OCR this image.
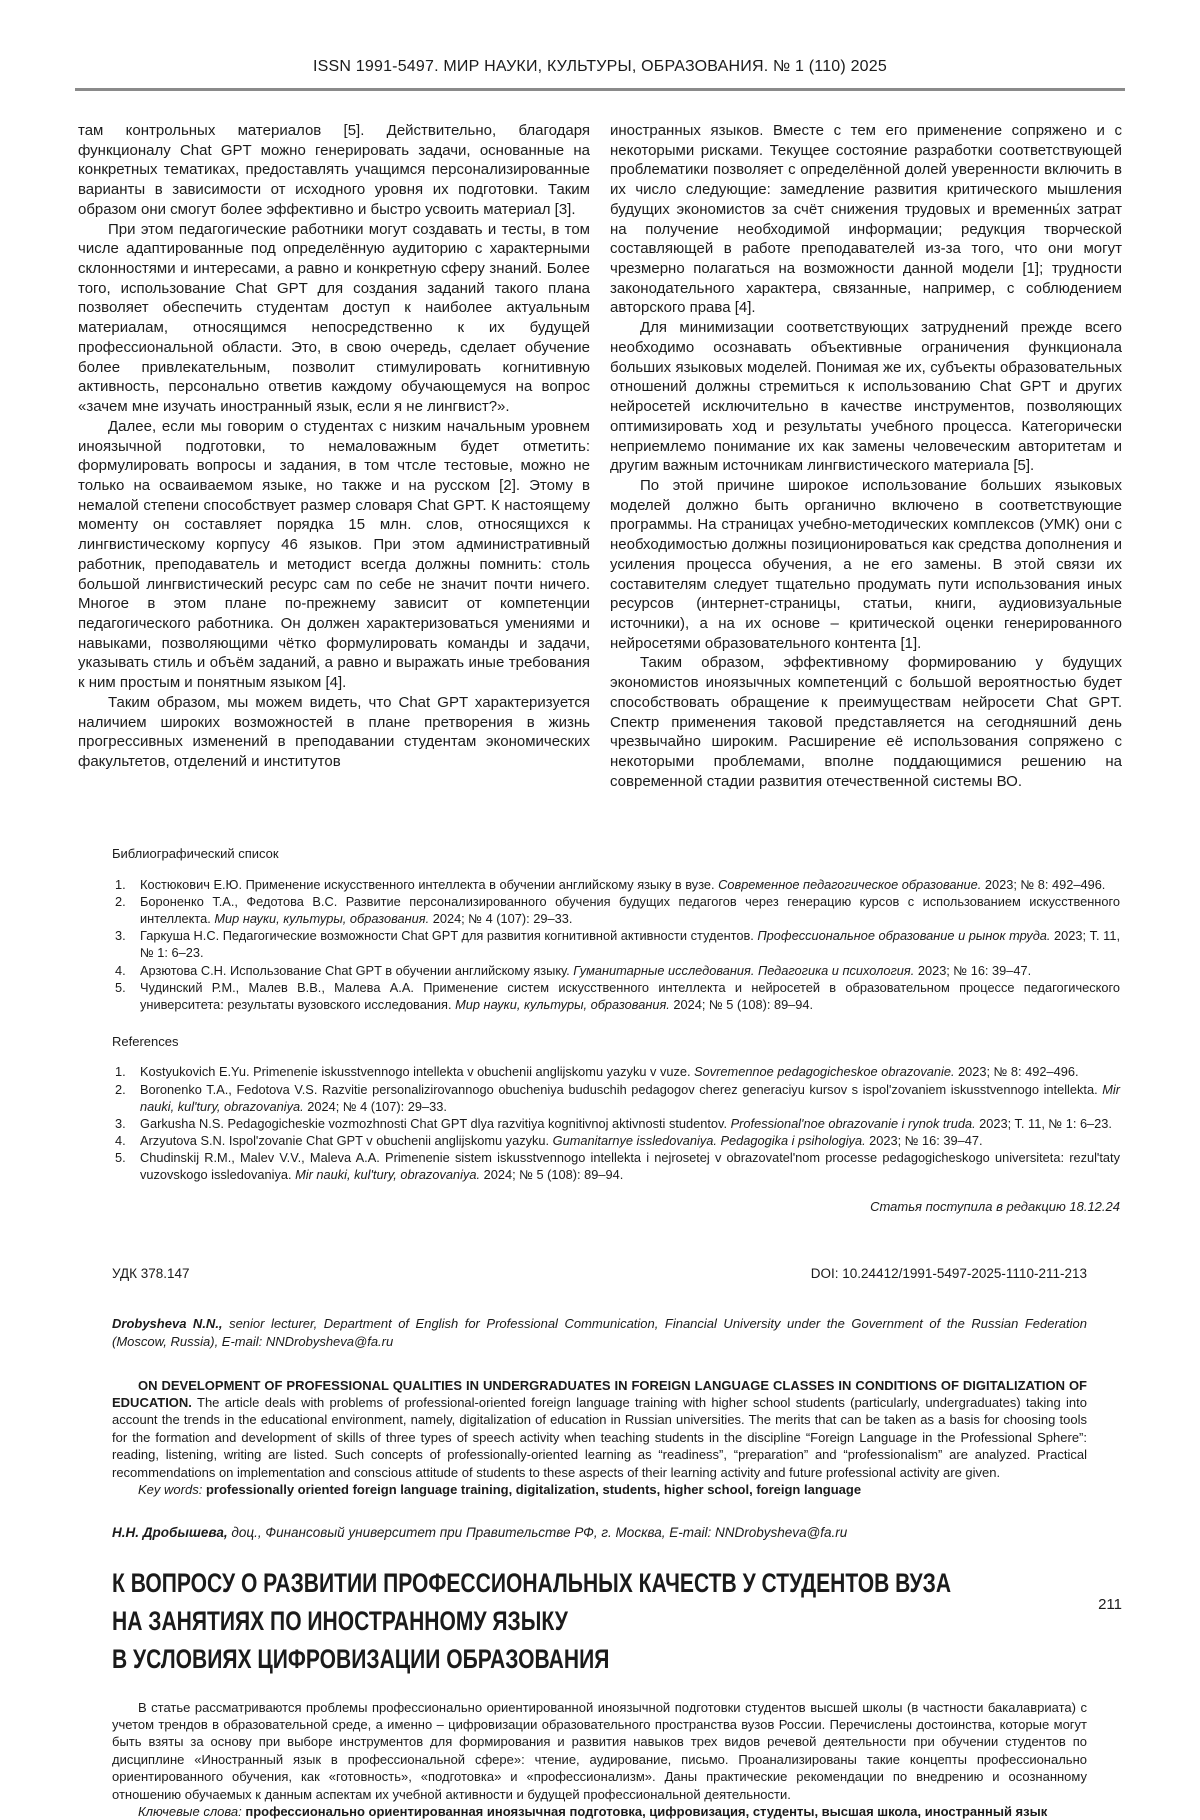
ISSN 1991-5497. МИР НАУКИ, КУЛЬТУРЫ, ОБРАЗОВАНИЯ. № 1 (110) 2025

там контрольных материалов [5]. Действительно, благодаря функционалу Chat GPT можно генерировать задачи, основанные на конкретных тематиках, предоставлять учащимся персонализированные варианты в зависимости от исходного уровня их подготовки. Таким образом они смогут более эффективно и быстро усвоить материал [3].

При этом педагогические работники могут создавать и тесты, в том числе адаптированные под определённую аудиторию с характерными склонностями и интересами, а равно и конкретную сферу знаний. Более того, использование Chat GPT для создания заданий такого плана позволяет обеспечить студентам доступ к наиболее актуальным материалам, относящимся непосредственно к их будущей профессиональной области. Это, в свою очередь, сделает обучение более привлекательным, позволит стимулировать когнитивную активность, персонально ответив каждому обучающемуся на вопрос «зачем мне изучать иностранный язык, если я не лингвист?».

Далее, если мы говорим о студентах с низким начальным уровнем иноязычной подготовки, то немаловажным будет отметить: формулировать вопросы и задания, в том чтсле тестовые, можно не только на осваиваемом языке, но также и на русском [2]. Этому в немалой степени способствует размер словаря Chat GPT. К настоящему моменту он составляет порядка 15 млн. слов, относящихся к лингвистическому корпусу 46 языков. При этом административный работник, преподаватель и методист всегда должны помнить: столь большой лингвистический ресурс сам по себе не значит почти ничего. Многое в этом плане по-прежнему зависит от компетенции педагогического работника. Он должен характеризоваться умениями и навыками, позволяющими чётко формулировать команды и задачи, указывать стиль и объём заданий, а равно и выражать иные требования к ним простым и понятным языком [4].

Таким образом, мы можем видеть, что Chat GPT характеризуется наличием широких возможностей в плане претворения в жизнь прогрессивных изменений в преподавании студентам экономических факультетов, отделений и институтов

иностранных языков. Вместе с тем его применение сопряжено и с некоторыми рисками. Текущее состояние разработки соответствующей проблематики позволяет с определённой долей уверенности включить в их число следующие: замедление развития критического мышления будущих экономистов за счёт снижения трудовых и временны́х затрат на получение необходимой информации; редукция творческой составляющей в работе преподавателей из-за того, что они могут чрезмерно полагаться на возможности данной модели [1]; трудности законодательного характера, связанные, например, с соблюдением авторского права [4].

Для минимизации соответствующих затруднений прежде всего необходимо осознавать объективные ограничения функционала больших языковых моделей. Понимая же их, субъекты образовательных отношений должны стремиться к использованию Chat GPT и других нейросетей исключительно в качестве инструментов, позволяющих оптимизировать ход и результаты учебного процесса. Категорически неприемлемо понимание их как замены человеческим авторитетам и другим важным источникам лингвистического материала [5].

По этой причине широкое использование больших языковых моделей должно быть органично включено в соответствующие программы. На страницах учебно-методических комплексов (УМК) они с необходимостью должны позиционироваться как средства дополнения и усиления процесса обучения, а не его замены. В этой связи их составителям следует тщательно продумать пути использования иных ресурсов (интернет-страницы, статьи, книги, аудиовизуальные источники), а на их основе – критической оценки генерированного нейросетями образовательного контента [1].

Таким образом, эффективному формированию у будущих экономистов иноязычных компетенций с большой вероятностью будет способствовать обращение к преимуществам нейросети Chat GPT. Спектр применения таковой представляется на сегодняшний день чрезвычайно широким. Расширение её использования сопряжено с некоторыми проблемами, вполне поддающимися решению на современной стадии развития отечественной системы ВО.

Библиографический список
Костюкович Е.Ю. Применение искусственного интеллекта в обучении английскому языку в вузе. Современное педагогическое образование. 2023; № 8: 492–496.
Бороненко Т.А., Федотова В.С. Развитие персонализированного обучения будущих педагогов через генерацию курсов с использованием искусственного интеллекта. Мир науки, культуры, образования. 2024; № 4 (107): 29–33.
Гаркуша Н.С. Педагогические возможности Chat GPT для развития когнитивной активности студентов. Профессиональное образование и рынок труда. 2023; Т. 11, № 1: 6–23.
Арзютова С.Н. Использование Chat GPT в обучении английскому языку. Гуманитарные исследования. Педагогика и психология. 2023; № 16: 39–47.
Чудинский Р.М., Малев В.В., Малева А.А. Применение систем искусственного интеллекта и нейросетей в образовательном процессе педагогического университета: результаты вузовского исследования. Мир науки, культуры, образования. 2024; № 5 (108): 89–94.
References
Kostyukovich E.Yu. Primenenie iskusstvennogo intellekta v obuchenii anglijskomu yazyku v vuze. Sovremennoe pedagogicheskoe obrazovanie. 2023; № 8: 492–496.
Boronenko T.A., Fedotova V.S. Razvitie personalizirovannogo obucheniya buduschih pedagogov cherez generaciyu kursov s ispol'zovaniem iskusstvennogo intellekta. Mir nauki, kul'tury, obrazovaniya. 2024; № 4 (107): 29–33.
Garkusha N.S. Pedagogicheskie vozmozhnosti Chat GPT dlya razvitiya kognitivnoj aktivnosti studentov. Professional'noe obrazovanie i rynok truda. 2023; T. 11, № 1: 6–23.
Arzyutova S.N. Ispol'zovanie Chat GPT v obuchenii anglijskomu yazyku. Gumanitarnye issledovaniya. Pedagogika i psihologiya. 2023; № 16: 39–47.
Chudinskij R.M., Malev V.V., Maleva A.A. Primenenie sistem iskusstvennogo intellekta i nejrosetej v obrazovatel'nom processe pedagogicheskogo universiteta: rezul'taty vuzovskogo issledovaniya. Mir nauki, kul'tury, obrazovaniya. 2024; № 5 (108): 89–94.
Статья поступила в редакцию 18.12.24
УДК 378.147	DOI: 10.24412/1991-5497-2025-1110-211-213

Drobysheva N.N., senior lecturer, Department of English for Professional Communication, Financial University under the Government of the Russian Federation (Moscow, Russia), E-mail: NNDrobysheva@fa.ru

ON DEVELOPMENT OF PROFESSIONAL QUALITIES IN UNDERGRADUATES IN FOREIGN LANGUAGE CLASSES IN CONDITIONS OF DIGITALIZATION OF EDUCATION. The article deals with problems of professional-oriented foreign language training with higher school students (particularly, undergraduates) taking into account the trends in the educational environment, namely, digitalization of education in Russian universities. The merits that can be taken as a basis for choosing tools for the formation and development of skills of three types of speech activity when teaching students in the discipline “Foreign Language in the Professional Sphere”: reading, listening, writing are listed. Such concepts of professionally-oriented learning as “readiness”, “preparation” and “professionalism” are analyzed. Practical recommendations on implementation and conscious attitude of students to these aspects of their learning activity and future professional activity are given.

Key words: professionally oriented foreign language training, digitalization, students, higher school, foreign language

Н.Н. Дробышева, доц., Финансовый университет при Правительстве РФ, г. Москва, E-mail: NNDrobysheva@fa.ru

К ВОПРОСУ О РАЗВИТИИ ПРОФЕССИОНАЛЬНЫХ КАЧЕСТВ У СТУДЕНТОВ ВУЗА
НА ЗАНЯТИЯХ ПО ИНОСТРАННОМУ ЯЗЫКУ
В УСЛОВИЯХ ЦИФРОВИЗАЦИИ ОБРАЗОВАНИЯ

В статье рассматриваются проблемы профессионально ориентированной иноязычной подготовки студентов высшей школы (в частности бакалавриата) с учетом трендов в образовательной среде, а именно – цифровизации образовательного пространства вузов России. Перечислены достоинства, которые могут быть взяты за основу при выборе инструментов для формирования и развития навыков трех видов речевой деятельности при обучении студентов по дисциплине «Иностранный язык в профессиональной сфере»: чтение, аудирование, письмо. Проанализированы такие концепты профессионально ориентированного обучения, как «готовность», «подготовка» и «профессионализм». Даны практические рекомендации по внедрению и осознанному отношению обучаемых к данным аспектам их учебной активности и будущей профессиональной деятельности.

Ключевые слова: профессионально ориентированная иноязычная подготовка, цифровизация, студенты, высшая школа, иностранный язык

211
